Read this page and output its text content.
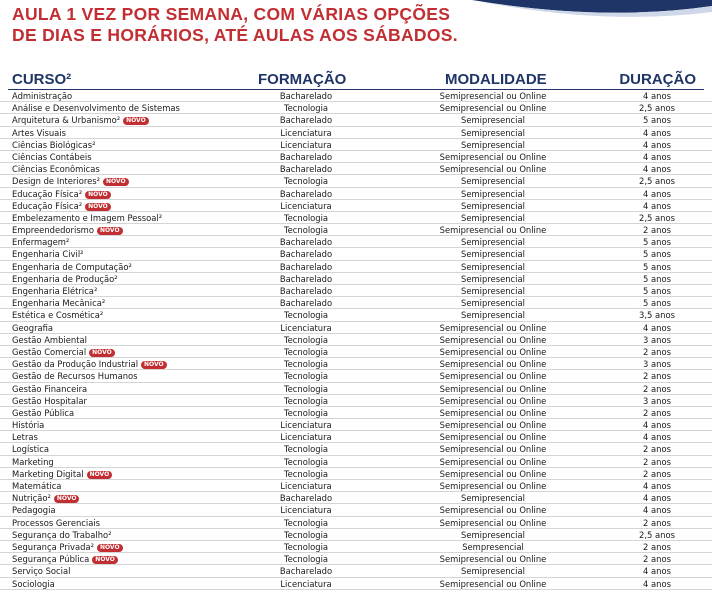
AULA 1 VEZ POR SEMANA, COM VÁRIAS OPÇÕES
DE DIAS E HORÁRIOS, ATÉ AULAS AOS SÁBADOS.
CURSO²	FORMAÇÃO	MODALIDADE	DURAÇÃO
Administração	Bacharelado	Semipresencial ou Online	4 anos
Análise e Desenvolvimento de Sistemas	Tecnologia	Semipresencial ou Online	2,5 anos
Arquitetura & Urbanismo² NOVO	Bacharelado	Semipresencial	5 anos
Artes Visuais	Licenciatura	Semipresencial	4 anos
Ciências Biológicas²	Licenciatura	Semipresencial	4 anos
Ciências Contábeis	Bacharelado	Semipresencial ou Online	4 anos
Ciências Econômicas	Bacharelado	Semipresencial ou Online	4 anos
Design de Interiores² NOVO	Tecnologia	Semipresencial	2,5 anos
Educação Física² NOVO	Bacharelado	Semipresencial	4 anos
Educação Física² NOVO	Licenciatura	Semipresencial	4 anos
Embelezamento e Imagem Pessoal²	Tecnologia	Semipresencial	2,5 anos
Empreendedorismo NOVO	Tecnologia	Semipresencial ou Online	2 anos
Enfermagem²	Bacharelado	Semipresencial	5 anos
Engenharia Civil²	Bacharelado	Semipresencial	5 anos
Engenharia de Computação²	Bacharelado	Semipresencial	5 anos
Engenharia de Produção²	Bacharelado	Semipresencial	5 anos
Engenharia Elétrica²	Bacharelado	Semipresencial	5 anos
Engenharia Mecânica²	Bacharelado	Semipresencial	5 anos
Estética e Cosmética²	Tecnologia	Semipresencial	3,5 anos
Geografia	Licenciatura	Semipresencial ou Online	4 anos
Gestão Ambiental	Tecnologia	Semipresencial ou Online	3 anos
Gestão Comercial NOVO	Tecnologia	Semipresencial ou Online	2 anos
Gestão da Produção Industrial NOVO	Tecnologia	Semipresencial ou Online	3 anos
Gestão de Recursos Humanos	Tecnologia	Semipresencial ou Online	2 anos
Gestão Financeira	Tecnologia	Semipresencial ou Online	2 anos
Gestão Hospitalar	Tecnologia	Semipresencial ou Online	3 anos
Gestão Pública	Tecnologia	Semipresencial ou Online	2 anos
História	Licenciatura	Semipresencial ou Online	4 anos
Letras	Licenciatura	Semipresencial ou Online	4 anos
Logística	Tecnologia	Semipresencial ou Online	2 anos
Marketing	Tecnologia	Semipresencial ou Online	2 anos
Marketing Digital NOVO	Tecnologia	Semipresencial ou Online	2 anos
Matemática	Licenciatura	Semipresencial ou Online	4 anos
Nutrição² NOVO	Bacharelado	Semipresencial	4 anos
Pedagogia	Licenciatura	Semipresencial ou Online	4 anos
Processos Gerenciais	Tecnologia	Semipresencial ou Online	2 anos
Segurança do Trabalho²	Tecnologia	Semipresencial	2,5 anos
Segurança Privada² NOVO	Tecnologia	Sempresencial	2 anos
Segurança Pública NOVO	Tecnologia	Semipresencial ou Online	2 anos
Serviço Social	Bacharelado	Semipresencial	4 anos
Sociologia	Licenciatura	Semipresencial ou Online	4 anos
